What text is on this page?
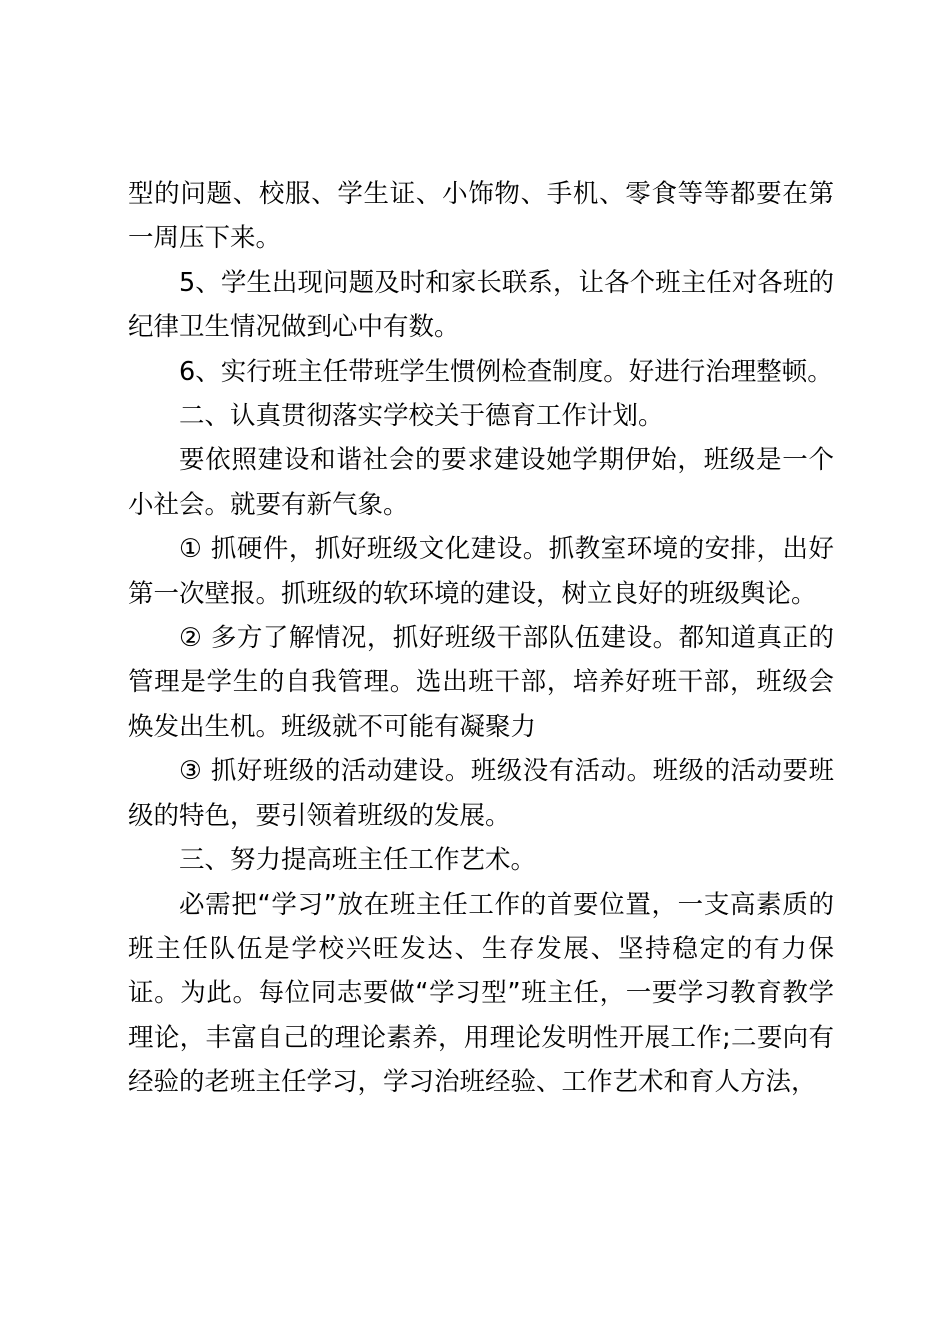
型的问题、校服、学生证、小饰物、手机、零食等等都要在第一周压下来。

5、学生出现问题及时和家长联系，让各个班主任对各班的纪律卫生情况做到心中有数。

6、实行班主任带班学生惯例检查制度。好进行治理整顿。

二、认真贯彻落实学校关于德育工作计划。

要依照建设和谐社会的要求建设她学期伊始，班级是一个小社会。就要有新气象。

① 抓硬件，抓好班级文化建设。抓教室环境的安排，出好第一次壁报。抓班级的软环境的建设，树立良好的班级舆论。

② 多方了解情况，抓好班级干部队伍建设。都知道真正的管理是学生的自我管理。选出班干部，培养好班干部，班级会焕发出生机。班级就不可能有凝聚力

③ 抓好班级的活动建设。班级没有活动。班级的活动要班级的特色，要引领着班级的发展。

三、努力提高班主任工作艺术。

必需把“学习”放在班主任工作的首要位置，一支高素质的班主任队伍是学校兴旺发达、生存发展、坚持稳定的有力保证。为此。每位同志要做“学习型”班主任，一要学习教育教学理论，丰富自己的理论素养，用理论发明性开展工作;二要向有经验的老班主任学习，学习治班经验、工作艺术和育人方法，
